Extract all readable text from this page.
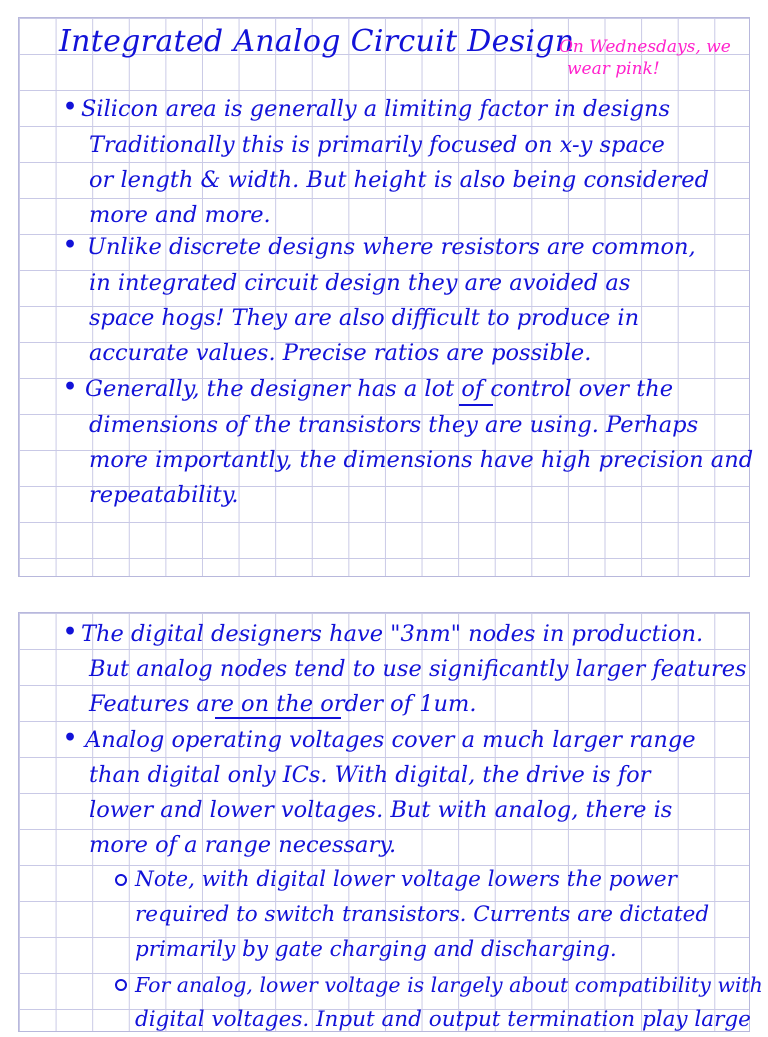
Integrated Analog Circuit Design
On Wednesdays, we
wear pink!
• Silicon area is generally a limiting factor in designs
Traditionally this is primarily focused on x-y space
or length & width. But height is also being considered
more and more.
• Unlike discrete designs where resistors are common,
in integrated circuit design they are avoided as
space hogs! They are also difficult to produce in
accurate values. Precise ratios are possible.
• Generally, the designer has a lot of control over the
dimensions of the transistors they are using. Perhaps
more importantly, the dimensions have high precision and
repeatability.
• The digital designers have "3nm" nodes in production.
But analog nodes tend to use significantly larger features
Features are on the order of 1um.
• Analog operating voltages cover a much larger range
than digital only ICs. With digital, the drive is for
lower and lower voltages. But with analog, there is
more of a range necessary.
Note, with digital lower voltage lowers the power
required to switch transistors. Currents are dictated
primarily by gate charging and discharging.
For analog, lower voltage is largely about compatibility with
digital voltages. Input and output termination play large
